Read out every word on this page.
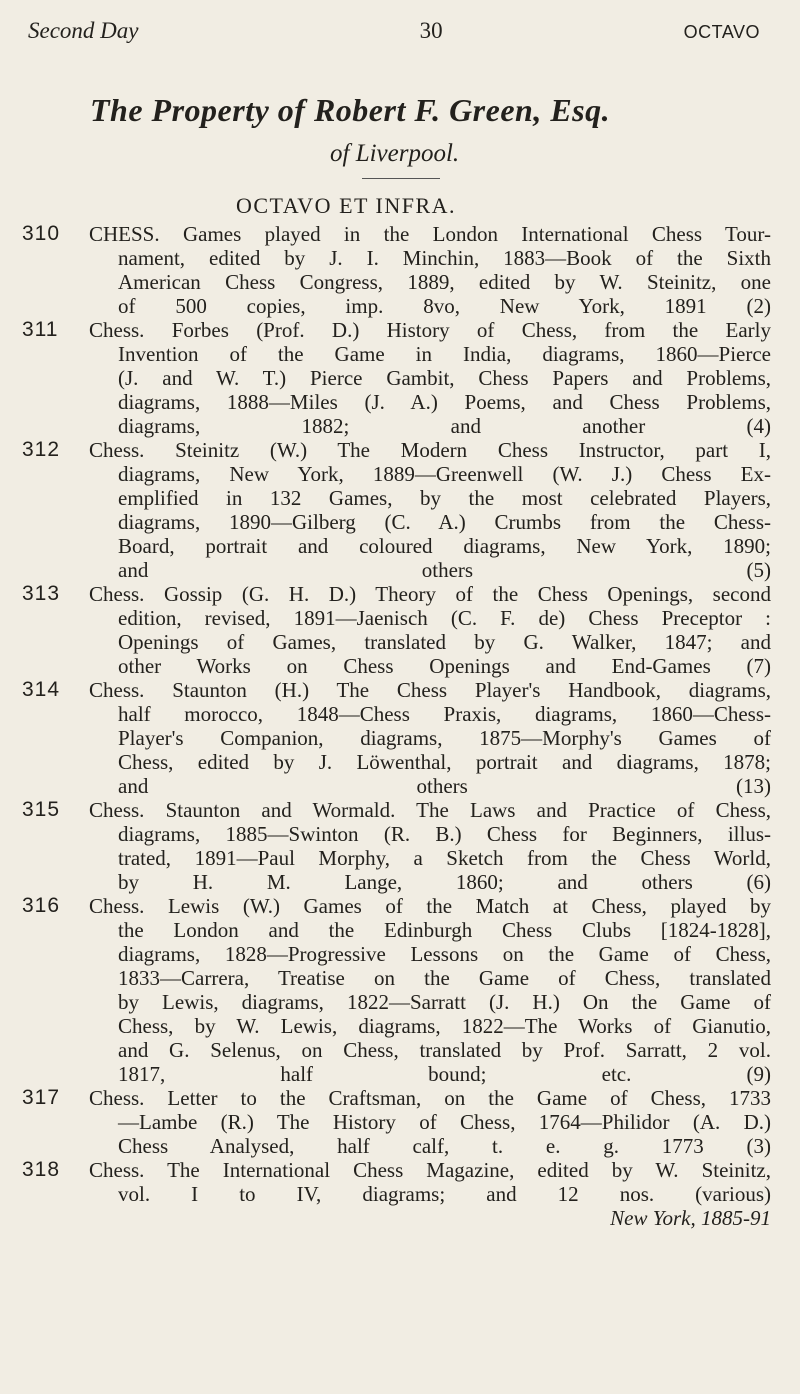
Second Day	30	OCTAVO
The Property of Robert F. Green, Esq.
of Liverpool.
OCTAVO ET INFRA.
310 CHESS. Games played in the London International Chess Tour-
nament, edited by J. I. Minchin, 1883—Book of the Sixth
American Chess Congress, 1889, edited by W. Steinitz, one
of 500 copies, imp. 8vo, New York, 1891 (2)
311 Chess. Forbes (Prof. D.) History of Chess, from the Early
Invention of the Game in India, diagrams, 1860—Pierce
(J. and W. T.) Pierce Gambit, Chess Papers and Problems,
diagrams, 1888—Miles (J. A.) Poems, and Chess Problems,
diagrams, 1882; and another (4)
312 Chess. Steinitz (W.) The Modern Chess Instructor, part I,
diagrams, New York, 1889—Greenwell (W. J.) Chess Ex-
emplified in 132 Games, by the most celebrated Players,
diagrams, 1890—Gilberg (C. A.) Crumbs from the Chess-
Board, portrait and coloured diagrams, New York, 1890;
and others (5)
313 Chess. Gossip (G. H. D.) Theory of the Chess Openings, second
edition, revised, 1891—Jaenisch (C. F. de) Chess Preceptor :
Openings of Games, translated by G. Walker, 1847; and
other Works on Chess Openings and End-Games (7)
314 Chess. Staunton (H.) The Chess Player's Handbook, diagrams,
half morocco, 1848—Chess Praxis, diagrams, 1860—Chess-
Player's Companion, diagrams, 1875—Morphy's Games of
Chess, edited by J. Löwenthal, portrait and diagrams, 1878;
and others (13)
315 Chess. Staunton and Wormald. The Laws and Practice of Chess,
diagrams, 1885—Swinton (R. B.) Chess for Beginners, illus-
trated, 1891—Paul Morphy, a Sketch from the Chess World,
by H. M. Lange, 1860; and others (6)
316 Chess. Lewis (W.) Games of the Match at Chess, played by
the London and the Edinburgh Chess Clubs [1824-1828],
diagrams, 1828—Progressive Lessons on the Game of Chess,
1833—Carrera, Treatise on the Game of Chess, translated
by Lewis, diagrams, 1822—Sarratt (J. H.) On the Game of
Chess, by W. Lewis, diagrams, 1822—The Works of Gianutio,
and G. Selenus, on Chess, translated by Prof. Sarratt, 2 vol.
1817, half bound; etc. (9)
317 Chess. Letter to the Craftsman, on the Game of Chess, 1733
—Lambe (R.) The History of Chess, 1764—Philidor (A. D.)
Chess Analysed, half calf, t. e. g. 1773 (3)
318 Chess. The International Chess Magazine, edited by W. Steinitz,
vol. I to IV, diagrams; and 12 nos. (various)
New York, 1885-91
